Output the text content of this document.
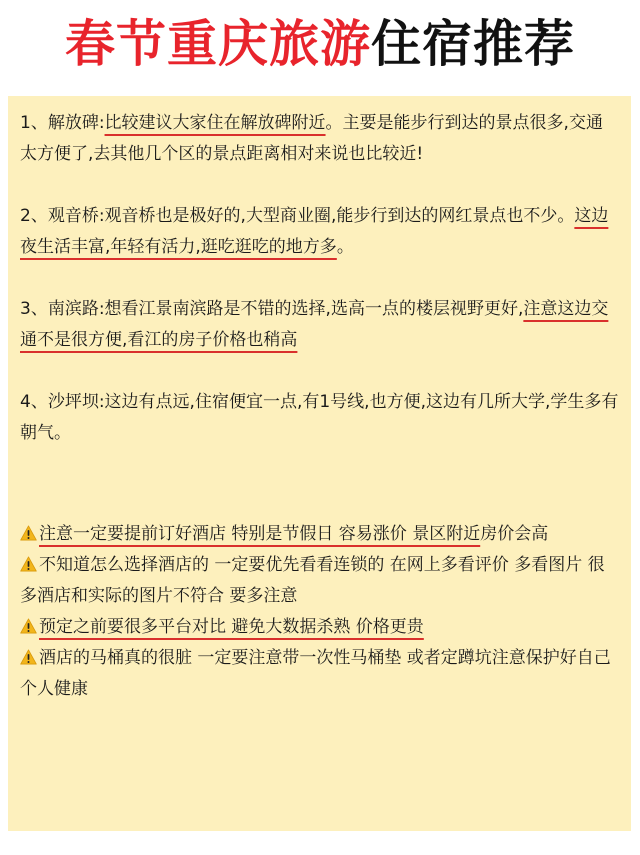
春节重庆旅游住宿推荐

1、解放碑:比较建议大家住在解放碑附近。主要是能步行到达的景点很多,交通太方便了,去其他几个区的景点距离相对来说也比较近!

2、观音桥:观音桥也是极好的,大型商业圈,能步行到达的网红景点也不少。这边夜生活丰富,年轻有活力,逛吃逛吃的地方多。

3、南滨路:想看江景南滨路是不错的选择,选高一点的楼层视野更好,注意这边交通不是很方便,看江的房子价格也稍高

4、沙坪坝:这边有点远,住宿便宜一点,有1号线,也方便,这边有几所大学,学生多有朝气。

注意一定要提前订好酒店 特别是节假日 容易涨价 景区附近房价会高

不知道怎么选择酒店的 一定要优先看看连锁的 在网上多看评价 多看图片 很多酒店和实际的图片不符合 要多注意

预定之前要很多平台对比 避免大数据杀熟 价格更贵

酒店的马桶真的很脏 一定要注意带一次性马桶垫 或者定蹲坑注意保护好自己个人健康
